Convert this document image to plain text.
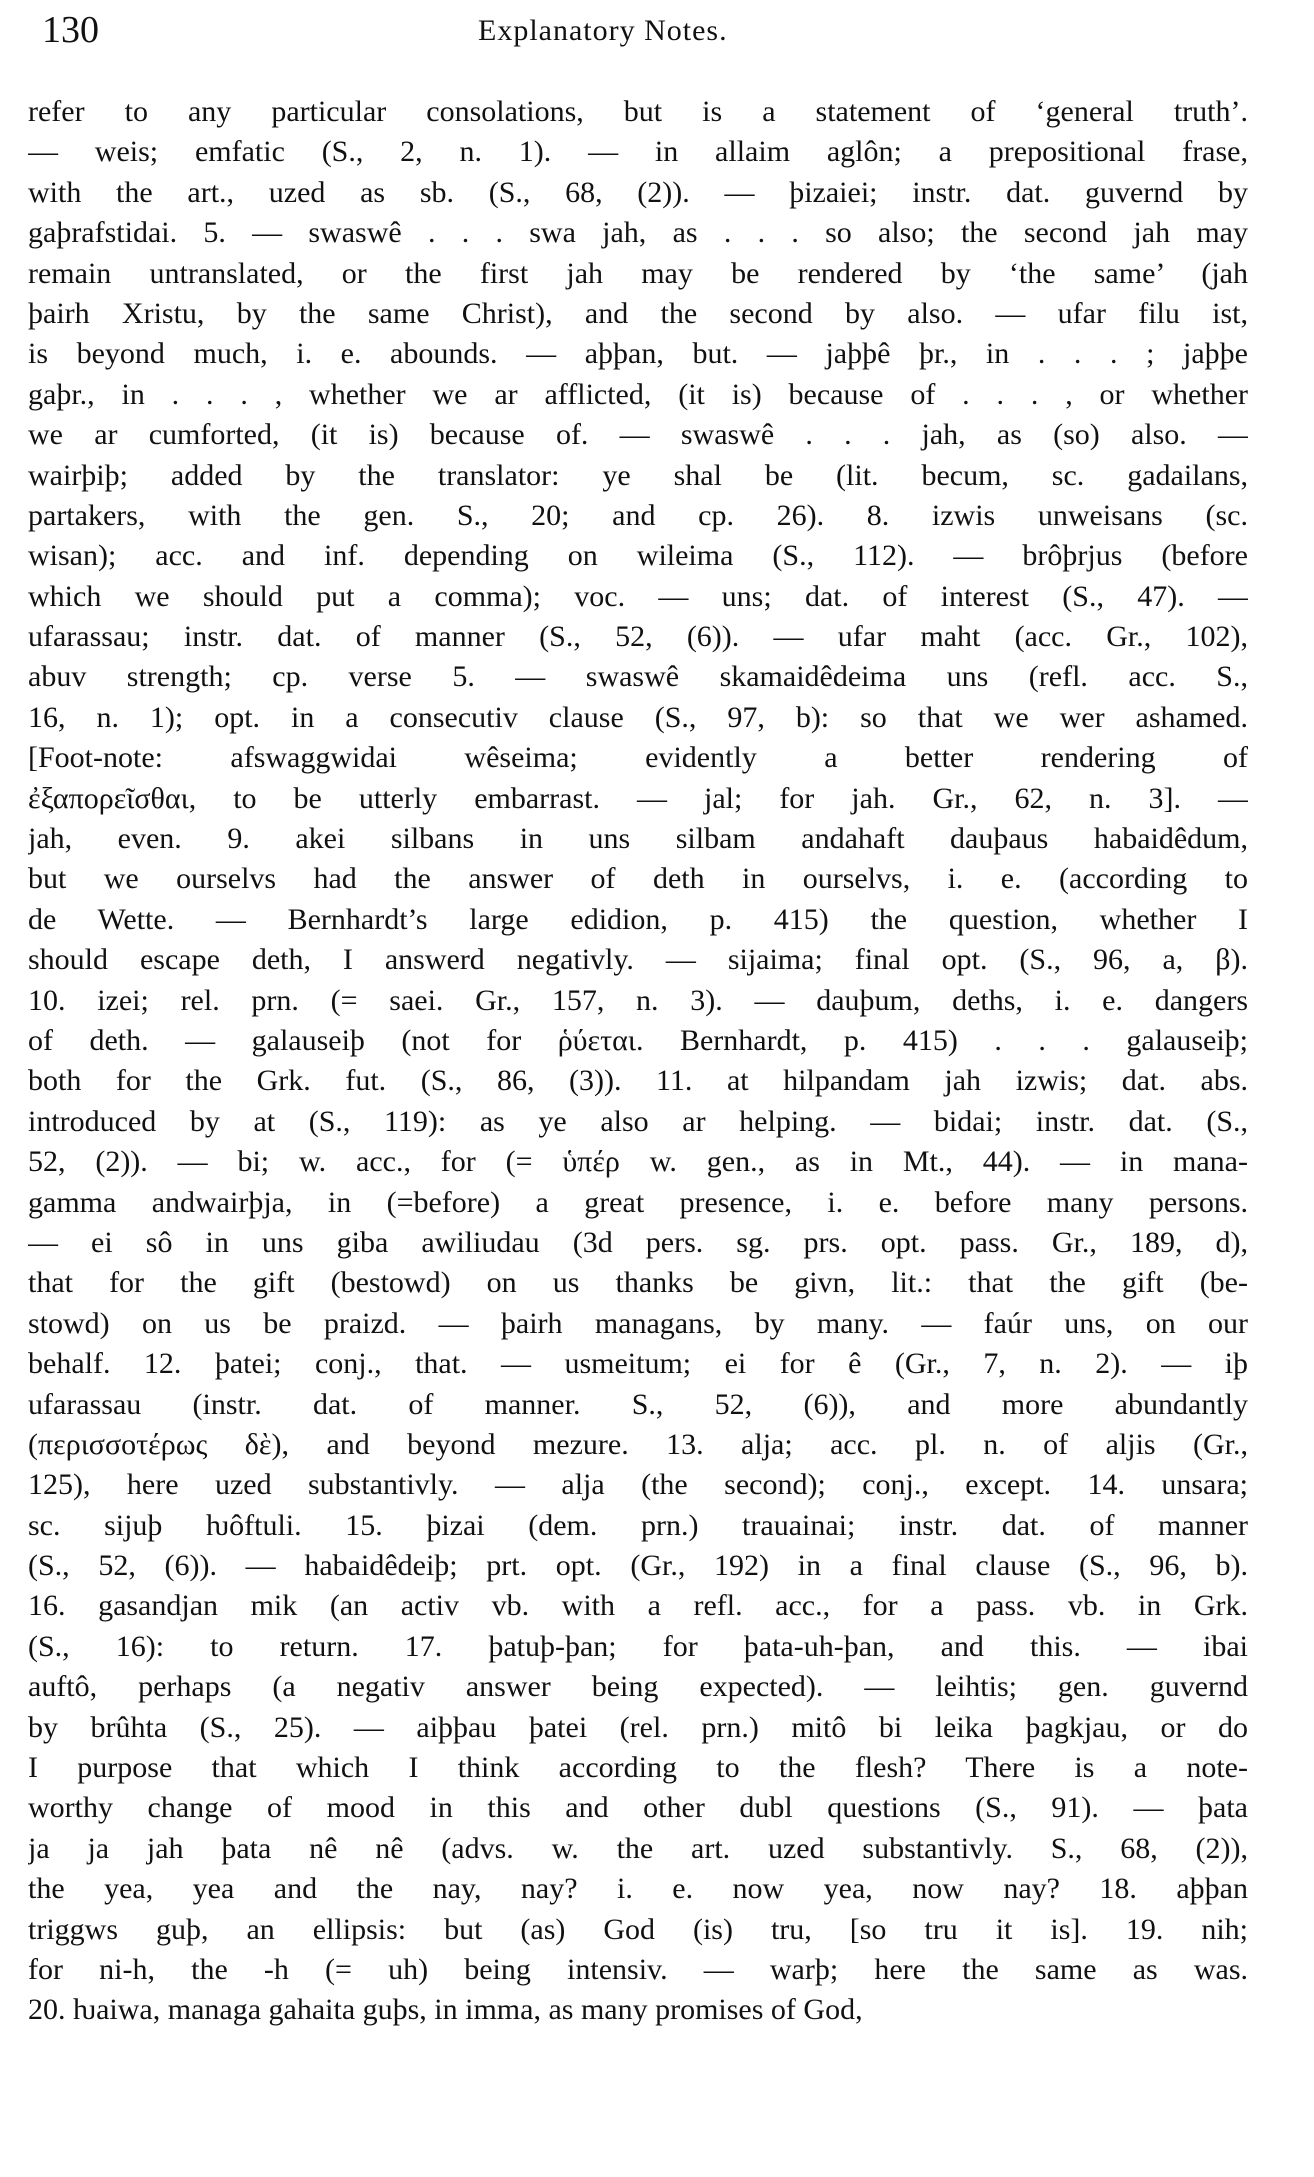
130	Explanatory Notes.
refer to any particular consolations, but is a statement of ‘general truth’.
— weis; emfatic (S., 2, n. 1). — in allaim aglôn; a prepositional frase,
with the art., uzed as sb. (S., 68, (2)). — þizaiei; instr. dat. guvernd by
gaþrafstidai. 5. — swaswê . . . swa jah, as . . . so also; the second jah may
remain untranslated, or the first jah may be rendered by ‘the same’ (jah
þairh Xristu, by the same Christ), and the second by also. — ufar filu ist,
is beyond much, i. e. abounds. — aþþan, but. — jaþþê þr., in . . . ; jaþþe
gaþr., in . . . , whether we ar afflicted, (it is) because of . . . , or whether
we ar cumforted, (it is) because of. — swaswê . . . jah, as (so) also. —
wairþiþ; added by the translator: ye shal be (lit. becum, sc. gadailans,
partakers, with the gen. S., 20; and cp. 26). 8. izwis unweisans (sc.
wisan); acc. and inf. depending on wileima (S., 112). — brôþrjus (before
which we should put a comma); voc. — uns; dat. of interest (S., 47). —
ufarassau; instr. dat. of manner (S., 52, (6)). — ufar maht (acc. Gr., 102),
abuv strength; cp. verse 5. — swaswê skamaidêdeima uns (refl. acc. S.,
16, n. 1); opt. in a consecutiv clause (S., 97, b): so that we wer ashamed.
[Foot-note: afswaggwidai wêseima; evidently a better rendering of
ἐξαπορεῖσθαι, to be utterly embarrast. — jal; for jah. Gr., 62, n. 3]. —
jah, even. 9. akei silbans in uns silbam andahaft dauþaus habaidêdum,
but we ourselvs had the answer of deth in ourselvs, i. e. (according to
de Wette. — Bernhardt’s large edidion, p. 415) the question, whether I
should escape deth, I answerd negativly. — sijaima; final opt. (S., 96, a, β).
10. izei; rel. prn. (= saei. Gr., 157, n. 3). — dauþum, deths, i. e. dangers
of deth. — galauseiþ (not for ῥύεται. Bernhardt, p. 415) . . . galauseiþ;
both for the Grk. fut. (S., 86, (3)). 11. at hilpandam jah izwis; dat. abs.
introduced by at (S., 119): as ye also ar helping. — bidai; instr. dat. (S.,
52, (2)). — bi; w. acc., for (= ὑπέρ w. gen., as in Mt., 44). — in mana-
gamma andwairþja, in (=before) a great presence, i. e. before many persons.
— ei sô in uns giba awiliudau (3d pers. sg. prs. opt. pass. Gr., 189, d),
that for the gift (bestowd) on us thanks be givn, lit.: that the gift (be-
stowd) on us be praizd. — þairh managans, by many. — faúr uns, on our
behalf. 12. þatei; conj., that. — usmeitum; ei for ê (Gr., 7, n. 2). — iþ
ufarassau (instr. dat. of manner. S., 52, (6)), and more abundantly
(περισσοτέρως δὲ), and beyond mezure. 13. alja; acc. pl. n. of aljis (Gr.,
125), here uzed substantivly. — alja (the second); conj., except. 14. unsara;
sc. sijuþ ƕôftuli. 15. þizai (dem. prn.) trauainai; instr. dat. of manner
(S., 52, (6)). — habaidêdeiþ; prt. opt. (Gr., 192) in a final clause (S., 96, b).
16. gasandjan mik (an activ vb. with a refl. acc., for a pass. vb. in Grk.
(S., 16): to return. 17. þatuþ-þan; for þata-uh-þan, and this. — ibai
auftô, perhaps (a negativ answer being expected). — leihtis; gen. guvernd
by brûhta (S., 25). — aiþþau þatei (rel. prn.) mitô bi leika þagkjau, or do
I purpose that which I think according to the flesh? There is a note-
worthy change of mood in this and other dubl questions (S., 91). — þata
ja ja jah þata nê nê (advs. w. the art. uzed substantivly. S., 68, (2)),
the yea, yea and the nay, nay? i. e. now yea, now nay? 18. aþþan
triggws guþ, an ellipsis: but (as) God (is) tru, [so tru it is]. 19. nih;
for ni-h, the -h (= uh) being intensiv. — warþ; here the same as was.
20. ƕaiwa, managa gahaita guþs, in imma, as many promises of God,
